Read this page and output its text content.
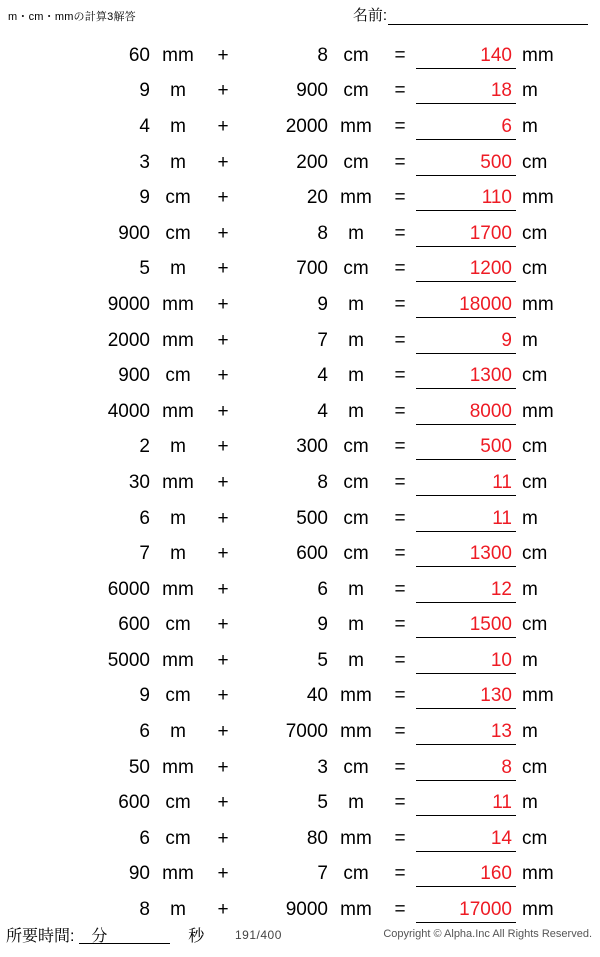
m・cm・mmの計算3解答	名前:
60 mm	+	8 cm	=	140 mm
9	m	+	900 cm	=	18 m
4	m	+	2000 mm	=	6 m
3	m	+	200 cm	=	500 cm
9 cm	+	20 mm	=	110 mm
900 cm	+	8	m	=	1700 cm
5	m	+	700 cm	=	1200 cm
9000 mm	+	9	m	=	18000 mm
2000 mm	+	7	m	=	9 m
900 cm	+	4	m	=	1300 cm
4000 mm	+	4	m	=	8000 mm
2	m	+	300 cm	=	500 cm
30 mm	+	8 cm	=	11 cm
6	m	+	500 cm	=	11 m
7	m	+	600 cm	=	1300 cm
6000 mm	+	6	m	=	12 m
600 cm	+	9	m	=	1500 cm
5000 mm	+	5	m	=	10 m
9 cm	+	40 mm	=	130 mm
6	m	+	7000 mm	=	13 m
50 mm	+	3 cm	=	8 cm
600 cm	+	5	m	=	11 m
6 cm	+	80 mm	=	14 cm
90 mm	+	7 cm	=	160 mm
8	m	+	9000 mm	=	17000 mm
所要時間: 分	秒	191/400	Copyright © Alpha.Inc All Rights Reserved.
